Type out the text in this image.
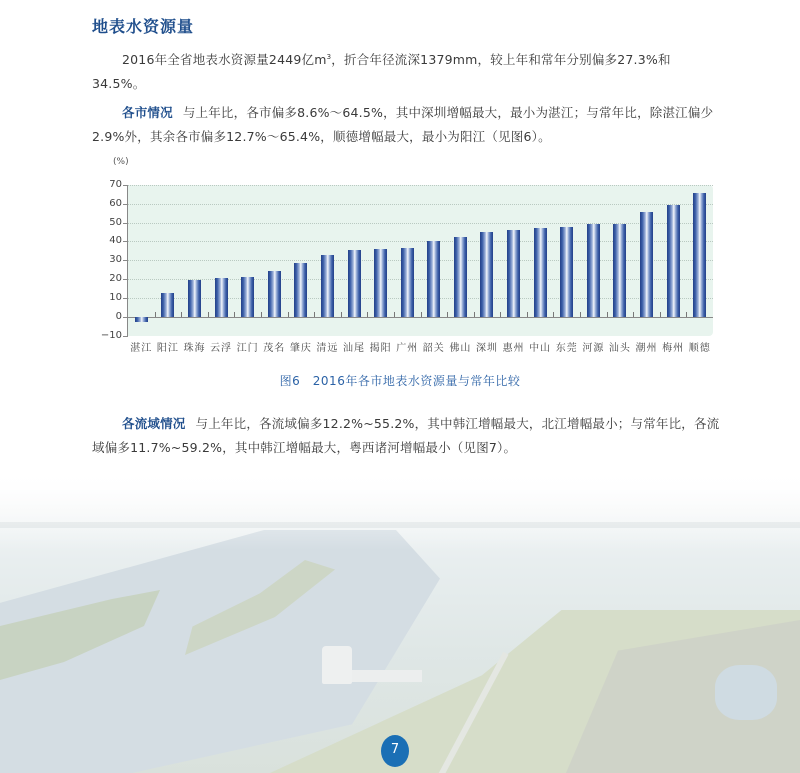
地表水资源量
2016年全省地表水资源量2449亿$m^3$，折合年径流深1379mm，较上年和常年分别偏多27.3%和34.5%。
各市情况 与上年比，各市偏多8.6%～64.5%，其中深圳增幅最大，最小为湛江；与常年比，除湛江偏少2.9%外，其余各市偏多12.7%～65.4%，顺德增幅最大，最小为阳江（见图6）。
(%)
70
60
50
40
30
20
10
0
−10
湛江 阳江 珠海 云浮 江门 茂名 肇庆 清远 汕尾 揭阳 广州 韶关 佛山 深圳 惠州 中山 东莞 河源 汕头 潮州 梅州 顺德
图6　2016年各市地表水资源量与常年比较
各流域情况 与上年比，各流域偏多12.2%~55.2%，其中韩江增幅最大，北江增幅最小；与常年比，各流域偏多11.7%~59.2%，其中韩江增幅最大，粤西诸河增幅最小（见图7）。
7
